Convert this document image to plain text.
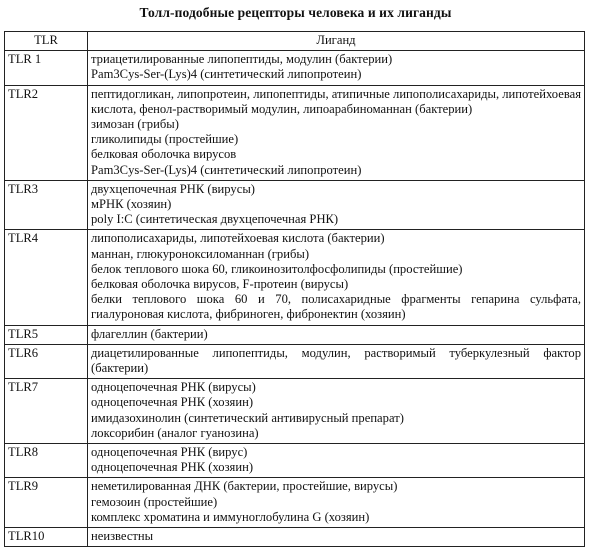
Толл-подобные рецепторы человека и их лиганды
TLR	Лиганд
TLR 1	триацетилированные липопептиды, модулин (бактерии)
Pam3Cys-Ser-(Lys)4 (синтетический липопротеин)

TLR2	пептидогликан, липопротеин, липопептиды, атипичные липополисахариды, липотейхоевая кислота, фенол-растворимый модулин, липоарабиноманнан (бактерии)
зимозан (грибы)
гликолипиды (простейшие)
белковая оболочка вирусов
Pam3Cys-Ser-(Lys)4 (синтетический липопротеин)

TLR3	двухцепочечная РНК (вирусы)
мРНК (хозяин)
poly I:C (синтетическая двухцепочечная РНК)

TLR4	липополисахариды, липотейхоевая кислота (бактерии)
маннан, глюкуроноксиломаннан (грибы)
белок теплового шока 60, гликоинозитолфосфолипиды (простейшие)
белковая оболочка вирусов, F-протеин (вирусы)
белки теплового шока 60 и 70, полисахаридные фрагменты гепарина сульфата, гиалуроновая кислота, фибриноген, фибронектин (хозяин)

TLR5	флагеллин (бактерии)

TLR6	диацетилированные липопептиды, модулин, растворимый туберкулезный фактор (бактерии)

TLR7	одноцепочечная РНК (вирусы)
одноцепочечная РНК (хозяин)
имидазохинолин (синтетический антивирусный препарат)
локсорибин (аналог гуанозина)

TLR8	одноцепочечная РНК (вирус)
одноцепочечная РНК (хозяин)

TLR9	неметилированная ДНК (бактерии, простейшие, вирусы)
гемозоин (простейшие)
комплекс хроматина и иммуноглобулина G (хозяин)

TLR10	неизвестны
